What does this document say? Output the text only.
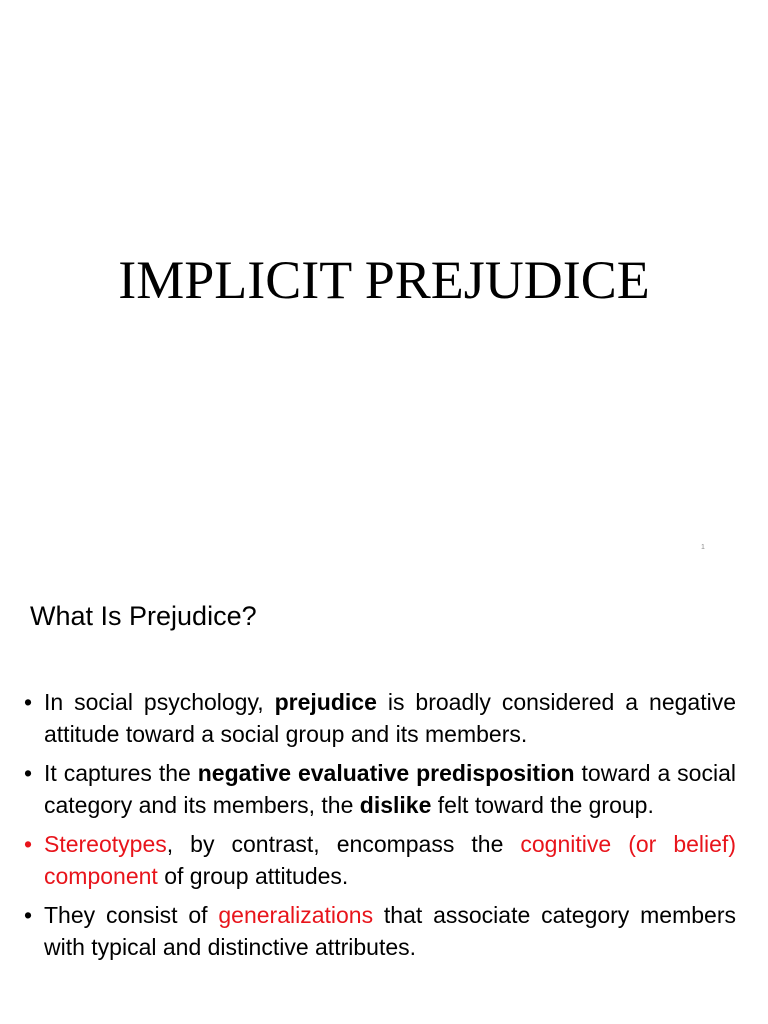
IMPLICIT PREJUDICE
1
What Is Prejudice?
• In social psychology, prejudice is broadly considered a negative attitude toward a social group and its members.
• It captures the negative evaluative predisposition toward a social category and its members, the dislike felt toward the group.
• Stereotypes, by contrast, encompass the cognitive (or belief) component of group attitudes.
• They consist of generalizations that associate category members with typical and distinctive attributes.
